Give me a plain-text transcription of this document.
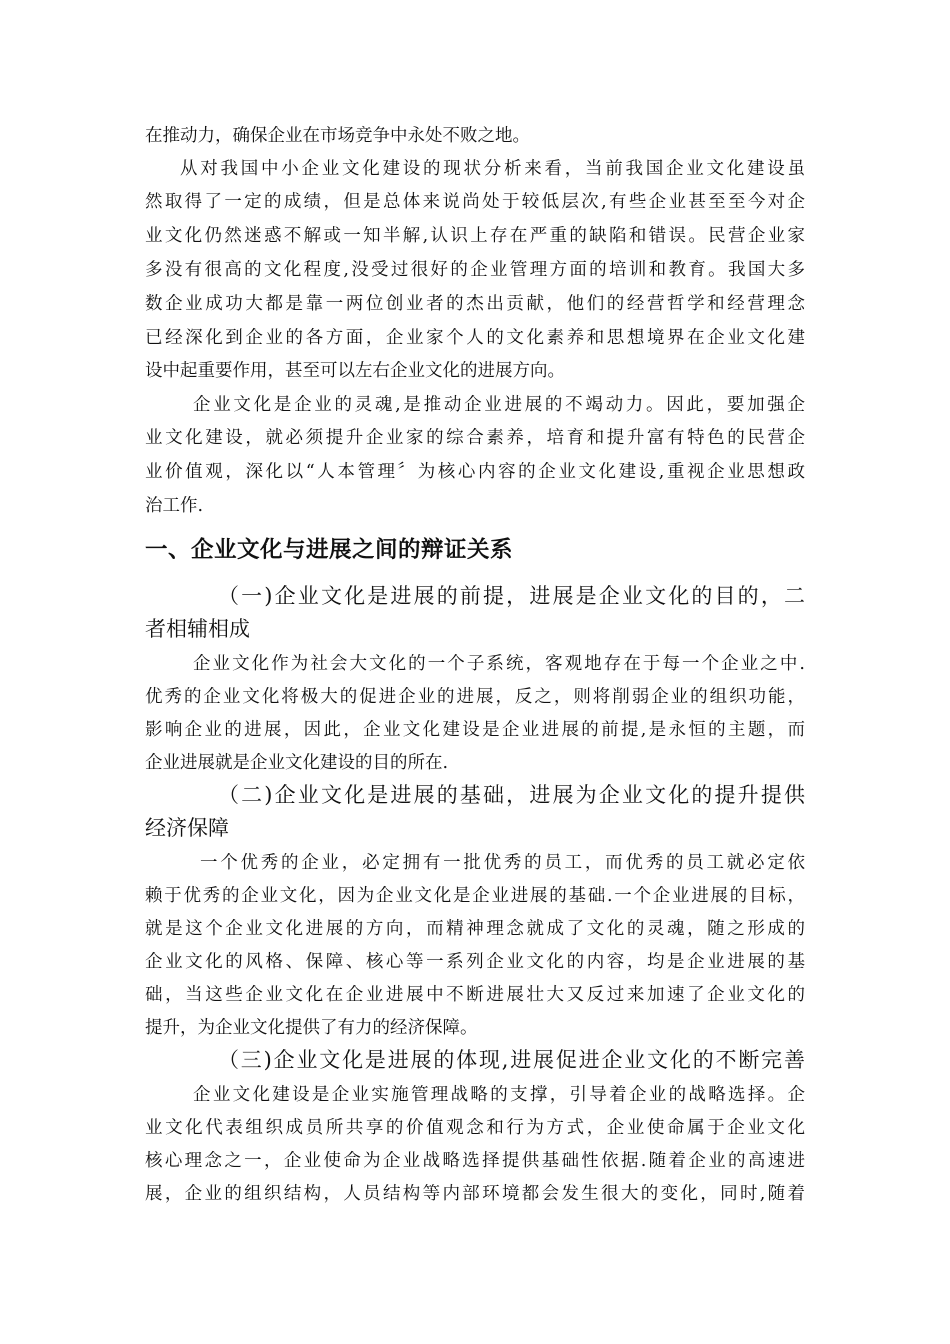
在推动力，确保企业在市场竞争中永处不败之地。
从对我国中小企业文化建设的现状分析来看，当前我国企业文化建设虽
然取得了一定的成绩，但是总体来说尚处于较低层次,有些企业甚至至今对企
业文化仍然迷惑不解或一知半解,认识上存在严重的缺陷和错误。民营企业家
多没有很高的文化程度,没受过很好的企业管理方面的培训和教育。我国大多
数企业成功大都是靠一两位创业者的杰出贡献，他们的经营哲学和经营理念
已经深化到企业的各方面，企业家个人的文化素养和思想境界在企业文化建
设中起重要作用，甚至可以左右企业文化的进展方向。
企业文化是企业的灵魂,是推动企业进展的不竭动力。因此，要加强企
业文化建设，就必须提升企业家的综合素养，培育和提升富有特色的民营企
业价值观，深化以“人本管理〞为核心内容的企业文化建设,重视企业思想政
治工作.
一、企业文化与进展之间的辩证关系
（一)企业文化是进展的前提，进展是企业文化的目的，二
者相辅相成
企业文化作为社会大文化的一个子系统，客观地存在于每一个企业之中.
优秀的企业文化将极大的促进企业的进展，反之，则将削弱企业的组织功能，
影响企业的进展，因此，企业文化建设是企业进展的前提,是永恒的主题，而
企业进展就是企业文化建设的目的所在.
（二)企业文化是进展的基础，进展为企业文化的提升提供
经济保障
一个优秀的企业，必定拥有一批优秀的员工，而优秀的员工就必定依
赖于优秀的企业文化，因为企业文化是企业进展的基础.一个企业进展的目标，
就是这个企业文化进展的方向，而精神理念就成了文化的灵魂，随之形成的
企业文化的风格、保障、核心等一系列企业文化的内容，均是企业进展的基
础，当这些企业文化在企业进展中不断进展壮大又反过来加速了企业文化的
提升，为企业文化提供了有力的经济保障。
（三)企业文化是进展的体现,进展促进企业文化的不断完善
企业文化建设是企业实施管理战略的支撑，引导着企业的战略选择。企
业文化代表组织成员所共享的价值观念和行为方式，企业使命属于企业文化
核心理念之一，企业使命为企业战略选择提供基础性依据.随着企业的高速进
展，企业的组织结构，人员结构等内部环境都会发生很大的变化，同时,随着
